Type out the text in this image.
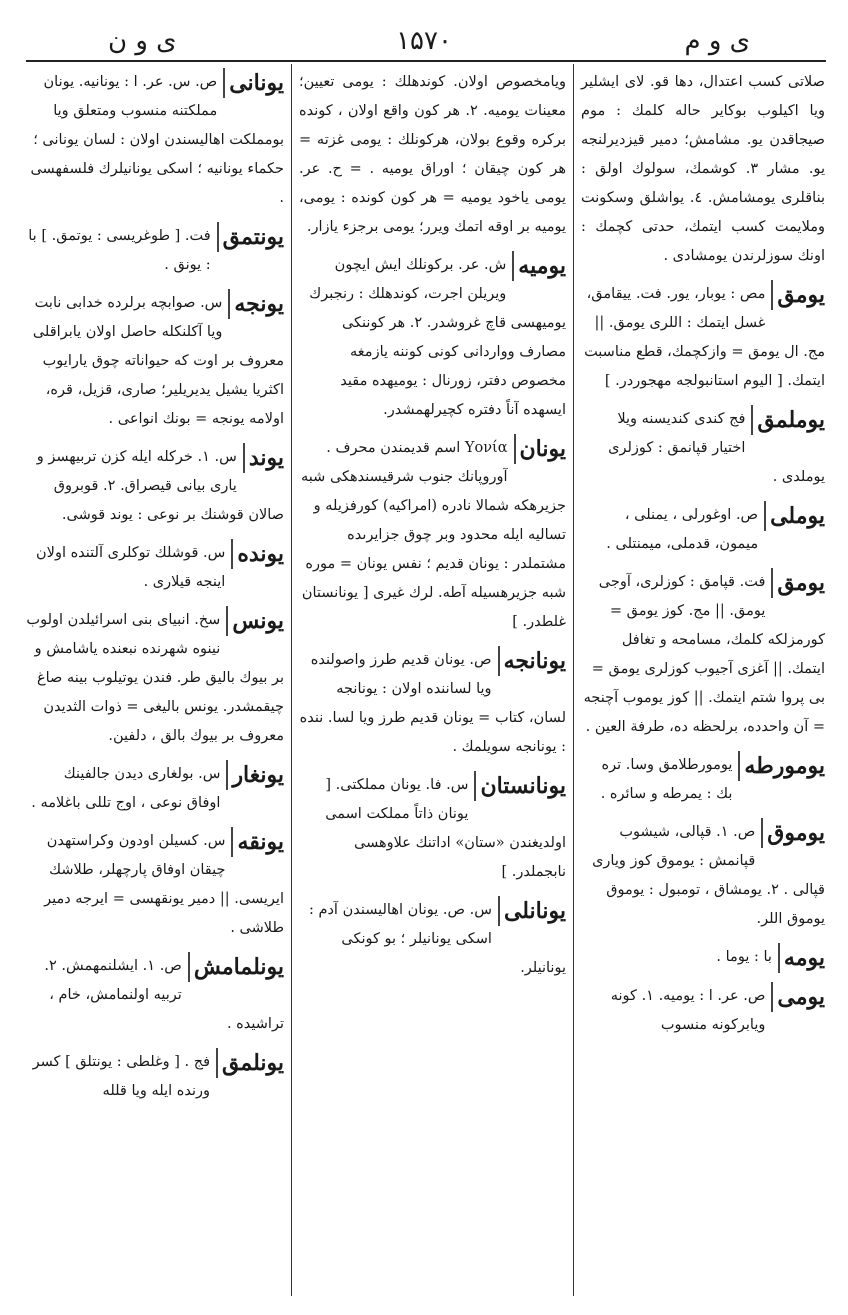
ی و ن	۱۵۷۰	ی و م
صلاتى كسب اعتدال، دها قو. لاى ايشلير ويا اكيلوب بوكاير حاله كلمك : موم صيجاقدن يو. مشامش؛ دمير قيزديرلنجه يو. مشار ۳. كوشمك، سولوك اولق : بناقلرى يومشامش. ٤. يواشلق وسكونت وملايمت كسب ايتمك، حدتى كچمك : اونك سوزلرندن يومشادى .
يومق
مص : يوبار، يور. فت. ييقامق، غسل ايتمك : اللرى يومق. || مج. ال يومق = وازكچمك، قطع مناسبت ايتمك. [ اليوم استانبولجه مهجوردر. ]
يوملمق
فج كندى كنديسنه ويلا اختيار قپانمق : كوزلرى يوملدى .
يوملى
ص. اوغورلى ، يمنلى ، ميمون، قدملى، ميمنتلى .
يومق
فت. قپامق : كوزلرى، آوجى يومق. || مج. كوز يومق = كورمزلكه كلمك، مسامحه و تغافل ايتمك. || آغزى آجيوب كوزلرى يومق = بى پروا شتم ايتمك. || كوز يوموب آچنجه = آن واحدده، برلحظه ده، طرفة العين .
يومورطه
يومورطلامق وسا. تره بك : يمرطه و سائره .
يوموق
ص. ۱. قپالى، شيشوب قپانمش : يوموق كوز ويارى قپالى . ۲. يومشاق ، تومبول : يوموق يوموق اللر.
يومه
با : يوما .
يومى
ص. عر. ا : يوميه. ۱. كونه ويابركونه منسوب
ويامخصوص اولان. كوندهلك : يومى تعيين؛ معينات يوميه. ۲. هر كون واقع اولان ، كونده بركره وقوع بولان، هركونلك : يومى غزته = هر كون چيقان ؛ اوراق يوميه . = ح. عر. يومى ياخود يوميه = هر كون كونده : يومى، يوميه بر اوقه اتمك ويرر؛ يومى برجزء يازار.
يوميه
ش. عر. بركونلك ايش ايچون ويريلن اجرت، كوندهلك : رنجبرك يوميهسى قاچ غروشدر. ۲. هر كوننكى مصارف وواردانى كونى كوننه يازمغه مخصوص دفتر، زورنال : يوميهده مقيد ايسهده آناً دفتره كچيرلهمشدر.
يونان
Υονία اسم قديمندن محرف . آوروپانك جنوب شرقيسندهكى شبه جزيرهكه شمالا نادره (امراكيه) كورفزيله و تساليه ايله محدود وبر چوق جزايرىده مشتملدر : يونان قديم ؛ نفس يونان = موره شبه جزيرهسيله آطه. لرك غيرى [ يونانستان غلطدر. ]
يونانجه
ص. يونان قديم طرز واصولنده ويا لساننده اولان : يونانجه لسان، كتاب = يونان قديم طرز ويا لسا. ننده : يونانجه سويلمك .
يونانستان
س. فا. يونان مملكتى. [ يونان ذاتاً مملكت اسمى اولديغندن «ستان» اداتنك علاوهسى نابجملدر. ]
يونانلى
س. ص. يونان اهاليسندن آدم : اسكى يونانيلر ؛ بو كونكى يونانيلر.
يونانى
ص. س. عر. ا : يونانيه. يونان مملكتنه منسوب ومتعلق ويا بومملكت اهاليسندن اولان : لسان يونانى ؛ حكماء يونانيه ؛ اسكى يونانيلرك فلسفهسى .
يونتمق
فت. [ طوغريسى : يوتمق. ] با : يونق .
يونجه
س. صوابچه برلرده خدابى نابت ويا آكلنكله حاصل اولان يابراقلى معروف بر اوت كه حيواناته چوق يارايوب اكثريا يشيل يديريلير؛ صارى، قزيل، قره، اولامه يونجه = بونك انواعى .
يوند
س. ۱. خركله ايله كزن تربيهسز و يارى بيانى قيصراق. ۲. قوبروق صالان قوشنك بر نوعى : يوند قوشى.
يونده
س. قوشلك توكلرى آلتنده اولان اينجه قيلارى .
يونس
سخ. انبياى بنى اسرائيلدن اولوب نينوه شهرنده نبعنده ياشامش و بر بيوك باليق طر. فندن يوتيلوب بينه صاغ چيقمشدر. يونس باليغى = ذوات الثديدن معروف بر بيوك بالق ، دلفين.
يونغار
س. بولغارى ديدن جالفينك اوفاق نوعى ، اوج تللى باغلامه .
يونقه
س. كسيلن اودون وكراستهدن چيقان اوفاق پارچهلر، طلاشك ايريسى. || دمير يونقهسى = ايرجه دمير طلاشى .
يونلمامش
ص. ۱. ايشلنمهمش. ۲. تربيه اولنمامش، خام ، تراشيده .
يونلمق
فج . [ وغلطى : يونتلق ] كسر ورنده ايله ويا قلله
